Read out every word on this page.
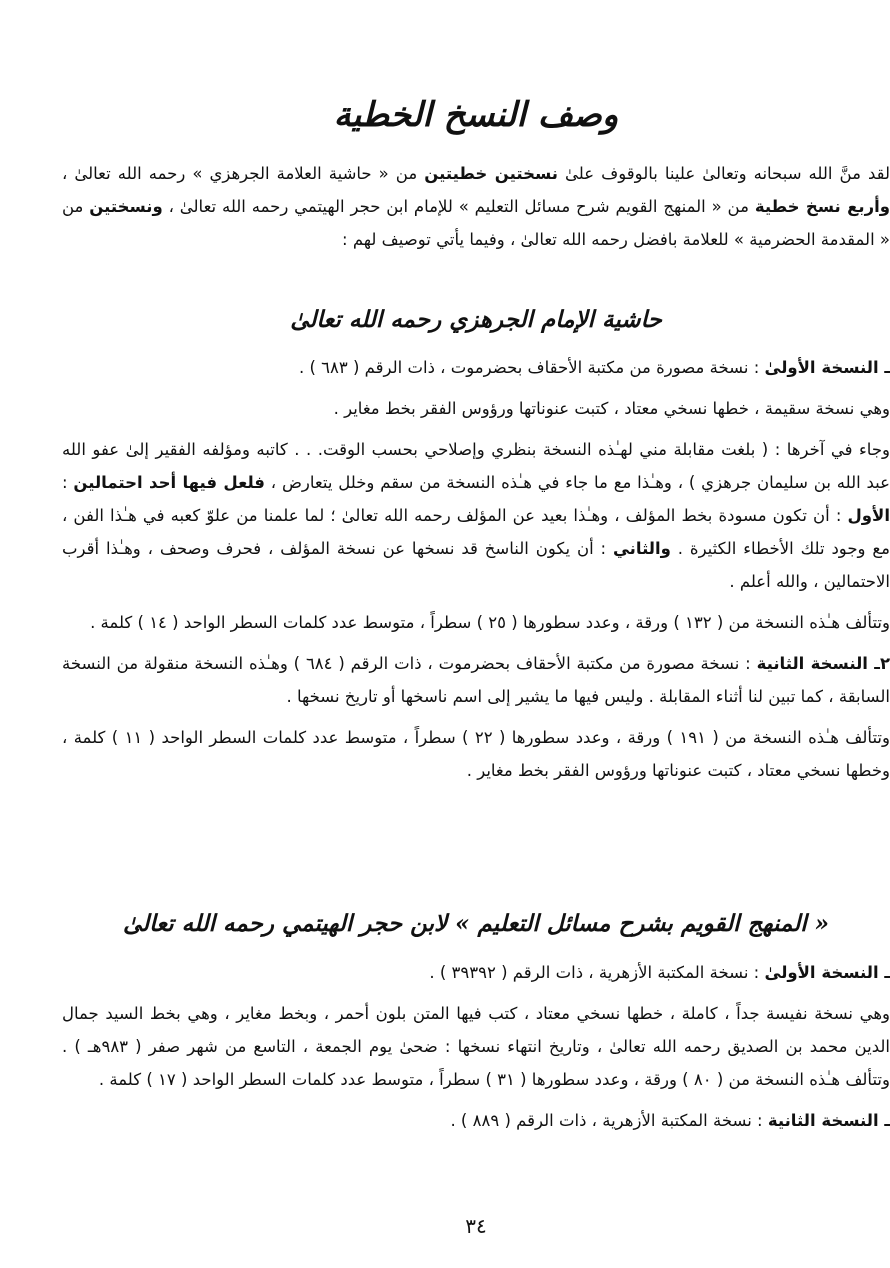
وصف النسخ الخطية

لقد منَّ الله سبحانه وتعالىٰ علينا بالوقوف علىٰ نسختين خطيتين من « حاشية العلامة الجرهزي » رحمه الله تعالىٰ ، وأربع نسخ خطية من « المنهج القويم شرح مسائل التعليم » للإمام ابن حجر الهيتمي رحمه الله تعالىٰ ، ونسختين من « المقدمة الحضرمية » للعلامة بافضل رحمه الله تعالىٰ ، وفيما يأتي توصيف لهم :

حاشية الإمام الجرهزي رحمه الله تعالىٰ

ـ النسخة الأولىٰ : نسخة مصورة من مكتبة الأحقاف بحضرموت ، ذات الرقم ( ٦٨٣ ) .

وهي نسخة سقيمة ، خطها نسخي معتاد ، كتبت عنوناتها ورؤوس الفقر بخط مغاير .

وجاء في آخرها : ( بلغت مقابلة مني لهـٰذه النسخة بنظري وإصلاحي بحسب الوقت. . . كاتبه ومؤلفه الفقير إلىٰ عفو الله عبد الله بن سليمان جرهزي ) ، وهـٰذا مع ما جاء في هـٰذه النسخة من سقم وخلل يتعارض ، فلعل فيها أحد احتمالين : الأول : أن تكون مسودة بخط المؤلف ، وهـٰذا بعيد عن المؤلف رحمه الله تعالىٰ ؛ لما علمنا من علوّ كعبه في هـٰذا الفن ، مع وجود تلك الأخطاء الكثيرة . والثاني : أن يكون الناسخ قد نسخها عن نسخة المؤلف ، فحرف وصحف ، وهـٰذا أقرب الاحتمالين ، والله أعلم .

وتتألف هـٰذه النسخة من ( ١٣٢ ) ورقة ، وعدد سطورها ( ٢٥ ) سطراً ، متوسط عدد كلمات السطر الواحد ( ١٤ ) كلمة .

٢ـ النسخة الثانية : نسخة مصورة من مكتبة الأحقاف بحضرموت ، ذات الرقم ( ٦٨٤ ) وهـٰذه النسخة منقولة من النسخة السابقة ، كما تبين لنا أثناء المقابلة . وليس فيها ما يشير إلى اسم ناسخها أو تاريخ نسخها .

وتتألف هـٰذه النسخة من ( ١٩١ ) ورقة ، وعدد سطورها ( ٢٢ ) سطراً ، متوسط عدد كلمات السطر الواحد ( ١١ ) كلمة ، وخطها نسخي معتاد ، كتبت عنوناتها ورؤوس الفقر بخط مغاير .

« المنهج القويم بشرح مسائل التعليم » لابن حجر الهيتمي رحمه الله تعالىٰ

ـ النسخة الأولىٰ : نسخة المكتبة الأزهرية ، ذات الرقم ( ٣٩٣٩٢ ) .

وهي نسخة نفيسة جداً ، كاملة ، خطها نسخي معتاد ، كتب فيها المتن بلون أحمر ، وبخط مغاير ، وهي بخط السيد جمال الدين محمد بن الصديق رحمه الله تعالىٰ ، وتاريخ انتهاء نسخها : ضحىٰ يوم الجمعة ، التاسع من شهر صفر ( ٩٨٣هـ ) . وتتألف هـٰذه النسخة من ( ٨٠ ) ورقة ، وعدد سطورها ( ٣١ ) سطراً ، متوسط عدد كلمات السطر الواحد ( ١٧ ) كلمة .

ـ النسخة الثانية : نسخة المكتبة الأزهرية ، ذات الرقم ( ٨٨٩ ) .

٣٤
